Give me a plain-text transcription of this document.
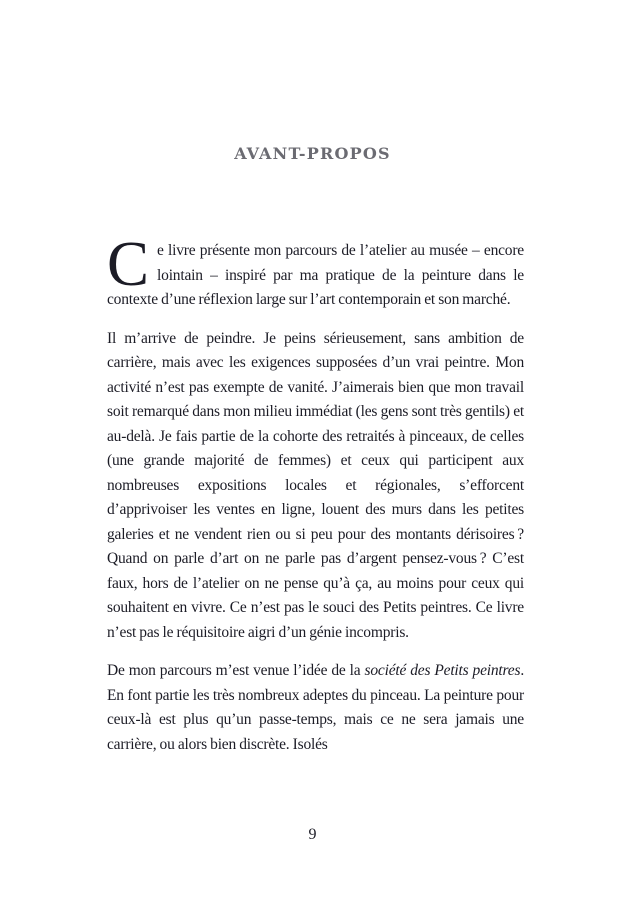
AVANT-PROPOS

Ce livre présente mon parcours de l’atelier au musée – encore lointain – inspiré par ma pratique de la peinture dans le contexte d’une réflexion large sur l’art contemporain et son marché.

Il m’arrive de peindre. Je peins sérieusement, sans ambition de carrière, mais avec les exigences supposées d’un vrai peintre. Mon activité n’est pas exempte de vanité. J’aimerais bien que mon travail soit remarqué dans mon milieu immédiat (les gens sont très gentils) et au-delà. Je fais partie de la cohorte des retraités à pinceaux, de celles (une grande majorité de femmes) et ceux qui participent aux nombreuses expositions locales et régionales, s’efforcent d’apprivoiser les ventes en ligne, louent des murs dans les petites galeries et ne vendent rien ou si peu pour des montants dérisoires ? Quand on parle d’art on ne parle pas d’argent pensez-vous ? C’est faux, hors de l’atelier on ne pense qu’à ça, au moins pour ceux qui souhaitent en vivre. Ce n’est pas le souci des Petits peintres. Ce livre n’est pas le réquisitoire aigri d’un génie incompris.

De mon parcours m’est venue l’idée de la société des Petits peintres. En font partie les très nombreux adeptes du pinceau. La peinture pour ceux-là est plus qu’un passe-temps, mais ce ne sera jamais une carrière, ou alors bien discrète. Isolés

9
